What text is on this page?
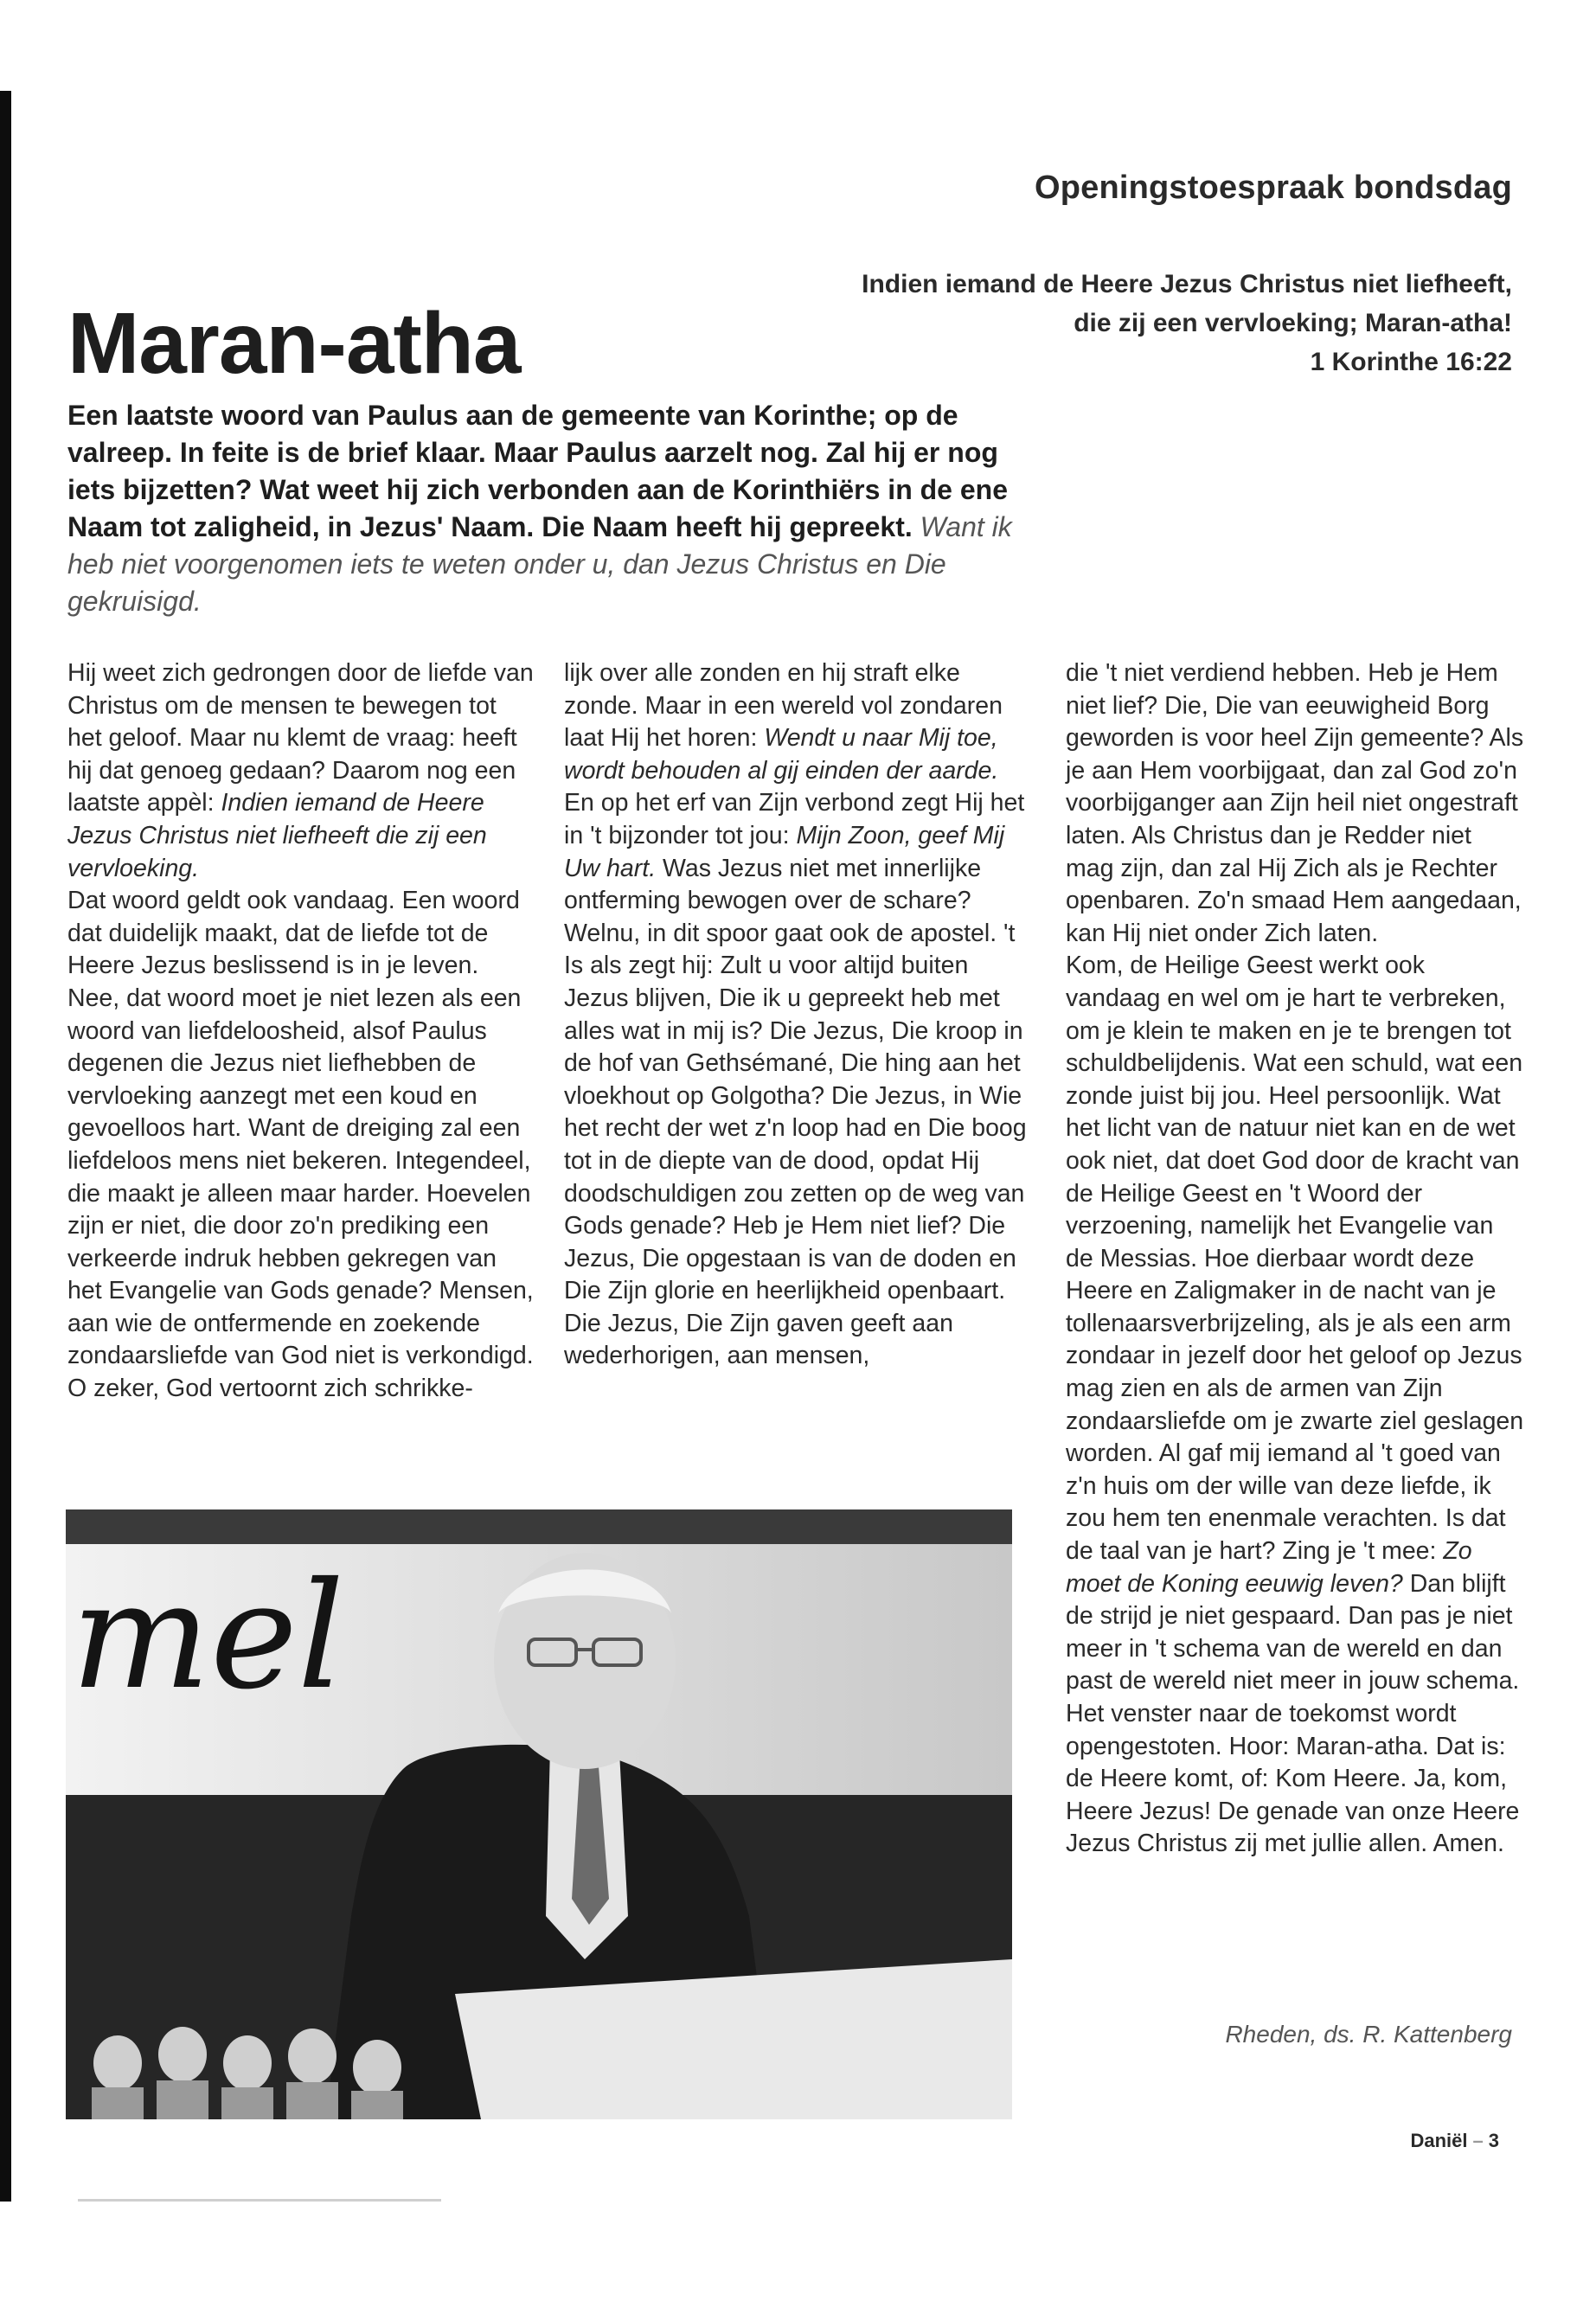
Openingstoespraak bondsdag
Maran-atha
Indien iemand de Heere Jezus Christus niet liefheeft,
die zij een vervloeking; Maran-atha!
1 Korinthe 16:22
Een laatste woord van Paulus aan de gemeente van Korinthe; op de valreep. In feite is de brief klaar. Maar Paulus aarzelt nog. Zal hij er nog iets bijzetten? Wat weet hij zich verbonden aan de Korinthiërs in de ene Naam tot zaligheid, in Jezus' Naam. Die Naam heeft hij gepreekt. Want ik heb niet voorgenomen iets te weten onder u, dan Jezus Christus en Die gekruisigd.

Hij weet zich gedrongen door de liefde van Christus om de mensen te bewegen tot het geloof. Maar nu klemt de vraag: heeft hij dat genoeg gedaan? Daarom nog een laatste appèl: Indien iemand de Heere Jezus Christus niet liefheeft die zij een vervloeking.

Dat woord geldt ook vandaag. Een woord dat duidelijk maakt, dat de liefde tot de Heere Jezus beslissend is in je leven. Nee, dat woord moet je niet lezen als een woord van liefdeloosheid, alsof Paulus degenen die Jezus niet liefhebben de vervloeking aanzegt met een koud en gevoelloos hart. Want de dreiging zal een liefdeloos mens niet bekeren. Integendeel, die maakt je alleen maar harder. Hoevelen zijn er niet, die door zo'n prediking een verkeerde indruk hebben gekregen van het Evangelie van Gods genade? Mensen, aan wie de ontfermende en zoekende zondaarsliefde van God niet is verkondigd.

O zeker, God vertoornt zich schrikke-

lijk over alle zonden en hij straft elke zonde. Maar in een wereld vol zondaren laat Hij het horen: Wendt u naar Mij toe, wordt behouden al gij einden der aarde.

En op het erf van Zijn verbond zegt Hij het in 't bijzonder tot jou: Mijn Zoon, geef Mij Uw hart. Was Jezus niet met innerlijke ontferming bewogen over de schare?

Welnu, in dit spoor gaat ook de apostel. 't Is als zegt hij: Zult u voor altijd buiten Jezus blijven, Die ik u gepreekt heb met alles wat in mij is? Die Jezus, Die kroop in de hof van Gethsémané, Die hing aan het vloekhout op Golgotha? Die Jezus, in Wie het recht der wet z'n loop had en Die boog tot in de diepte van de dood, opdat Hij doodschuldigen zou zetten op de weg van Gods genade? Heb je Hem niet lief? Die Jezus, Die opgestaan is van de doden en Die Zijn glorie en heerlijkheid openbaart. Die Jezus, Die Zijn gaven geeft aan wederhorigen, aan mensen,

die 't niet verdiend hebben. Heb je Hem niet lief? Die, Die van eeuwigheid Borg geworden is voor heel Zijn gemeente? Als je aan Hem voorbijgaat, dan zal God zo'n voorbijganger aan Zijn heil niet ongestraft laten. Als Christus dan je Redder niet mag zijn, dan zal Hij Zich als je Rechter openbaren. Zo'n smaad Hem aangedaan, kan Hij niet onder Zich laten.

Kom, de Heilige Geest werkt ook vandaag en wel om je hart te verbreken, om je klein te maken en je te brengen tot schuldbelijdenis. Wat een schuld, wat een zonde juist bij jou. Heel persoonlijk. Wat het licht van de natuur niet kan en de wet ook niet, dat doet God door de kracht van de Heilige Geest en 't Woord der verzoening, namelijk het Evangelie van de Messias. Hoe dierbaar wordt deze Heere en Zaligmaker in de nacht van je tollenaarsverbrijzeling, als je als een arm zondaar in jezelf door het geloof op Jezus mag zien en als de armen van Zijn zondaarsliefde om je zwarte ziel geslagen worden. Al gaf mij iemand al 't goed van z'n huis om der wille van deze liefde, ik zou hem ten enenmale verachten. Is dat de taal van je hart? Zing je 't mee: Zo moet de Koning eeuwig leven? Dan blijft de strijd je niet gespaard. Dan pas je niet meer in 't schema van de wereld en dan past de wereld niet meer in jouw schema.

Het venster naar de toekomst wordt opengestoten. Hoor: Maran-atha. Dat is: de Heere komt, of: Kom Heere. Ja, kom, Heere Jezus! De genade van onze Heere Jezus Christus zij met jullie allen. Amen.

mel
Rheden, ds. R. Kattenberg
Daniël – 3
